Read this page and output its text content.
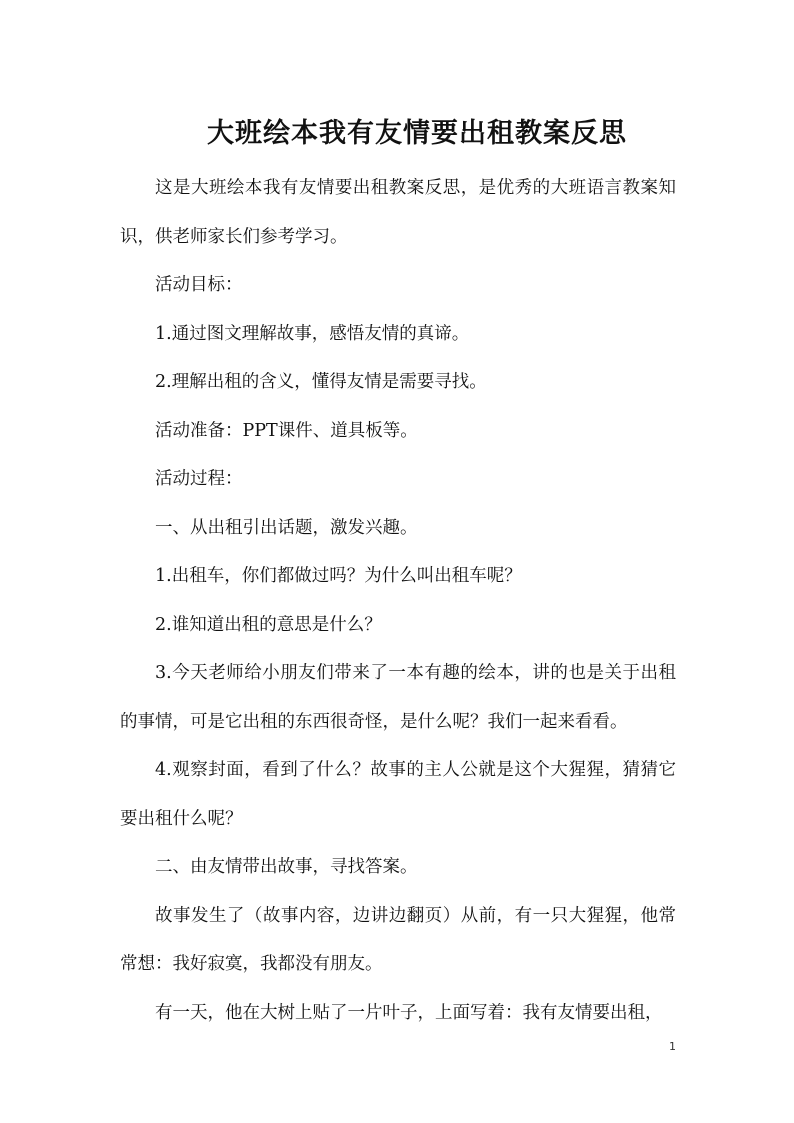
大班绘本我有友情要出租教案反思

这是大班绘本我有友情要出租教案反思，是优秀的大班语言教案知识，供老师家长们参考学习。

活动目标：

1.通过图文理解故事，感悟友情的真谛。

2.理解出租的含义，懂得友情是需要寻找。

活动准备：PPT课件、道具板等。

活动过程：

一、从出租引出话题，激发兴趣。

1.出租车，你们都做过吗？为什么叫出租车呢？

2.谁知道出租的意思是什么？

3.今天老师给小朋友们带来了一本有趣的绘本，讲的也是关于出租的事情，可是它出租的东西很奇怪，是什么呢？我们一起来看看。

4.观察封面，看到了什么？故事的主人公就是这个大猩猩，猜猜它要出租什么呢？

二、由友情带出故事，寻找答案。

故事发生了（故事内容，边讲边翻页）从前，有一只大猩猩，他常常想：我好寂寞，我都没有朋友。

有一天，他在大树上贴了一片叶子，上面写着：我有友情要出租，

1
